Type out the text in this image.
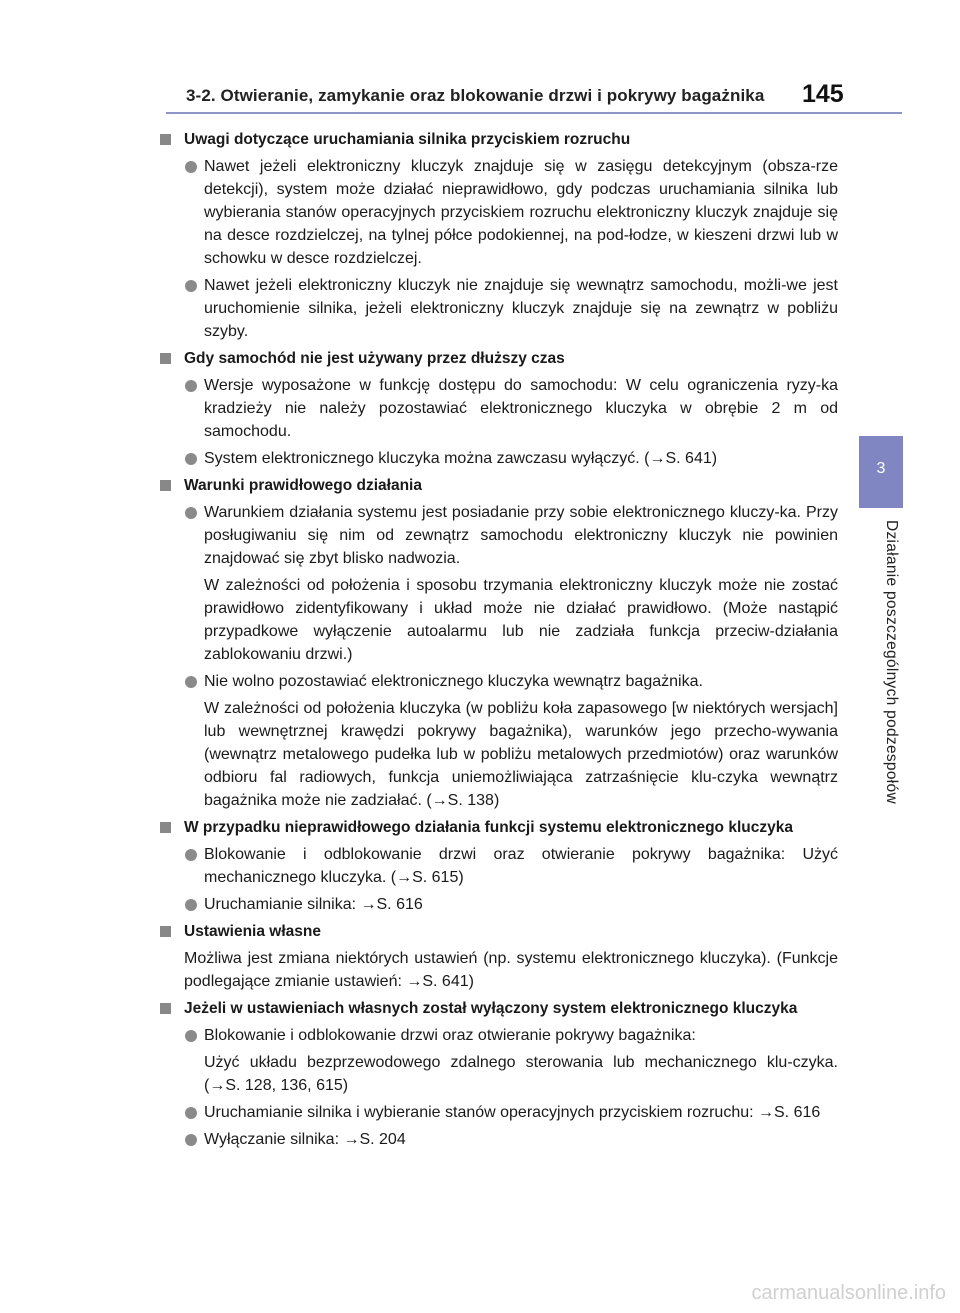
3-2. Otwieranie, zamykanie oraz blokowanie drzwi i pokrywy bagażnika 145
3
Działanie poszczególnych podzespołów
Uwagi dotyczące uruchamiania silnika przyciskiem rozruchu

Nawet jeżeli elektroniczny kluczyk znajduje się w zasięgu detekcyjnym (obsza-rze detekcji), system może działać nieprawidłowo, gdy podczas uruchamiania silnika lub wybierania stanów operacyjnych przyciskiem rozruchu elektroniczny kluczyk znajduje się na desce rozdzielczej, na tylnej półce podokiennej, na pod-łodze, w kieszeni drzwi lub w schowku w desce rozdzielczej.

Nawet jeżeli elektroniczny kluczyk nie znajduje się wewnątrz samochodu, możli-we jest uruchomienie silnika, jeżeli elektroniczny kluczyk znajduje się na zewnątrz w pobliżu szyby.

Gdy samochód nie jest używany przez dłuższy czas

Wersje wyposażone w funkcję dostępu do samochodu: W celu ograniczenia ryzy-ka kradzieży nie należy pozostawiać elektronicznego kluczyka w obrębie 2 m od samochodu.

System elektronicznego kluczyka można zawczasu wyłączyć. (→S. 641)

Warunki prawidłowego działania

Warunkiem działania systemu jest posiadanie przy sobie elektronicznego kluczy-ka. Przy posługiwaniu się nim od zewnątrz samochodu elektroniczny kluczyk nie powinien znajdować się zbyt blisko nadwozia.

W zależności od położenia i sposobu trzymania elektroniczny kluczyk może nie zostać prawidłowo zidentyfikowany i układ może nie działać prawidłowo. (Może nastąpić przypadkowe wyłączenie autoalarmu lub nie zadziała funkcja przeciw-działania zablokowaniu drzwi.)

Nie wolno pozostawiać elektronicznego kluczyka wewnątrz bagażnika.

W zależności od położenia kluczyka (w pobliżu koła zapasowego [w niektórych wersjach] lub wewnętrznej krawędzi pokrywy bagażnika), warunków jego przecho-wywania (wewnątrz metalowego pudełka lub w pobliżu metalowych przedmiotów) oraz warunków odbioru fal radiowych, funkcja uniemożliwiająca zatrzaśnięcie klu-czyka wewnątrz bagażnika może nie zadziałać. (→S. 138)

W przypadku nieprawidłowego działania funkcji systemu elektronicznego kluczyka

Blokowanie i odblokowanie drzwi oraz otwieranie pokrywy bagażnika: Użyć mechanicznego kluczyka. (→S. 615)

Uruchamianie silnika: →S. 616

Ustawienia własne

Możliwa jest zmiana niektórych ustawień (np. systemu elektronicznego kluczyka). (Funkcje podlegające zmianie ustawień: →S. 641)

Jeżeli w ustawieniach własnych został wyłączony system elektronicznego kluczyka

Blokowanie i odblokowanie drzwi oraz otwieranie pokrywy bagażnika:

Użyć układu bezprzewodowego zdalnego sterowania lub mechanicznego klu-czyka. (→S. 128, 136, 615)

Uruchamianie silnika i wybieranie stanów operacyjnych przyciskiem rozruchu: →S. 616

Wyłączanie silnika: →S. 204

carmanualsonline.info
